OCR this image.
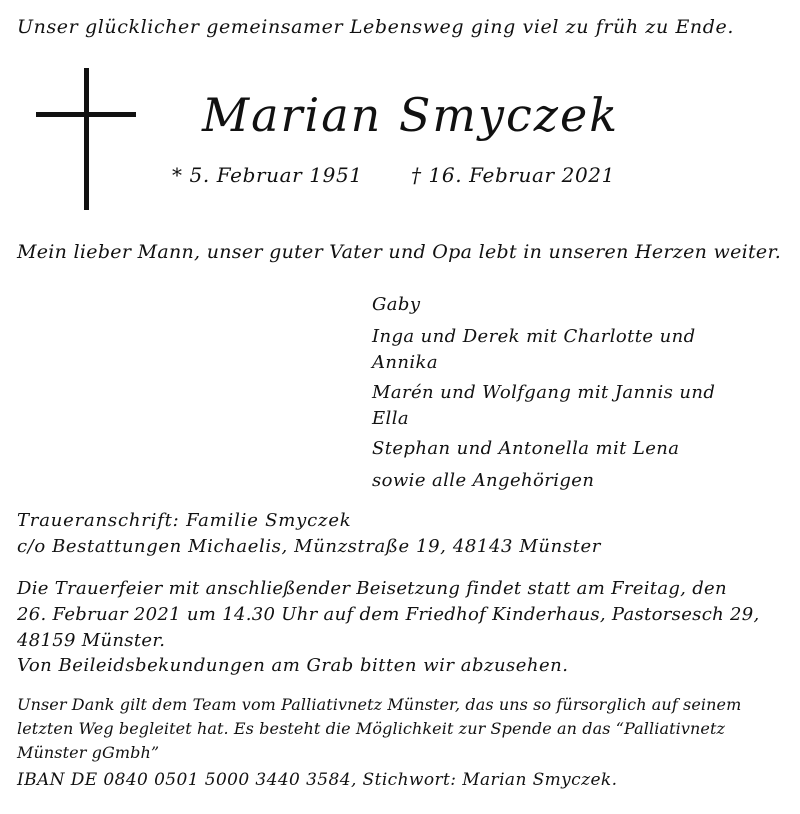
Unser glücklicher gemeinsamer Lebensweg ging viel zu früh zu Ende.
Marian Smyczek
* 5. Februar 1951 † 16. Februar 2021
Mein lieber Mann, unser guter Vater und Opa lebt in unseren Herzen weiter.
Gaby
Inga und Derek mit Charlotte und Annika
Marén und Wolfgang mit Jannis und Ella
Stephan und Antonella mit Lena
sowie alle Angehörigen
Traueranschrift: Familie Smyczek
c/o Bestattungen Michaelis, Münzstraße 19, 48143 Münster
Die Trauerfeier mit anschließender Beisetzung findet statt am Freitag, den
26. Februar 2021 um 14.30 Uhr auf dem Friedhof Kinderhaus, Pastorsesch 29,
48159 Münster.
Von Beileidsbekundungen am Grab bitten wir abzusehen.
Unser Dank gilt dem Team vom Palliativnetz Münster, das uns so fürsorglich auf seinem
letzten Weg begleitet hat. Es besteht die Möglichkeit zur Spende an das “Palliativnetz
Münster gGmbh”
IBAN DE 0840 0501 5000 3440 3584, Stichwort: Marian Smyczek.
